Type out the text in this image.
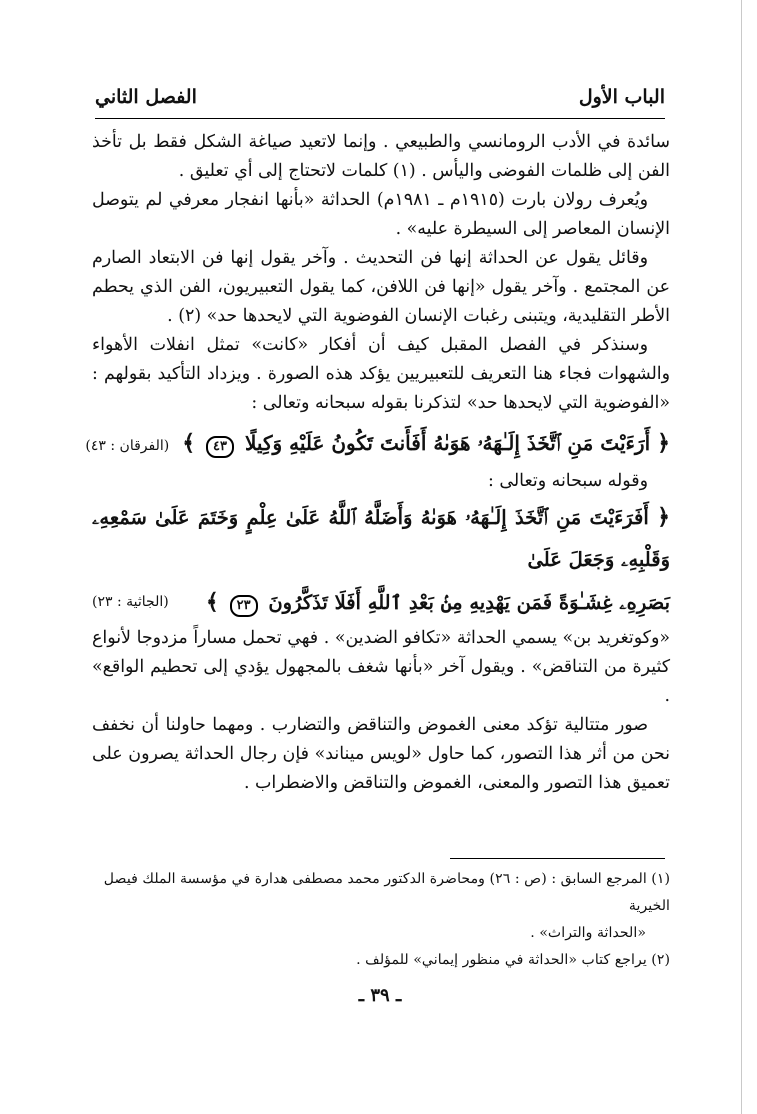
الباب الأول
الفصل الثاني

سائدة في الأدب الرومانسي والطبيعي . وإنما لاتعيد صياغة الشكل فقط بل تأخذ الفن إلى ظلمات الفوضى واليأس . (١) كلمات لاتحتاج إلى أي تعليق .

ويُعرف رولان بارت (١٩١٥م ـ ١٩٨١م) الحداثة «بأنها انفجار معرفي لم يتوصل الإنسان المعاصر إلى السيطرة عليه» .

وقائل يقول عن الحداثة إنها فن التحديث . وآخر يقول إنها فن الابتعاد الصارم عن المجتمع . وآخر يقول «إنها فن اللافن، كما يقول التعبيريون، الفن الذي يحطم الأطر التقليدية، ويتبنى رغبات الإنسان الفوضوية التي لايحدها حد» (٢) .

وسنذكر في الفصل المقبل كيف أن أفكار «كانت» تمثل انفلات الأهواء والشهوات فجاء هنا التعريف للتعبيريين يؤكد هذه الصورة . ويزداد التأكيد بقولهم : «الفوضوية التي لايحدها حد» لتذكرنا بقوله سبحانه وتعالى :

﴿ أَرَءَيْتَ مَنِ ٱتَّخَذَ إِلَـٰهَهُۥ هَوَىٰهُ أَفَأَنتَ تَكُونُ عَلَيْهِ وَكِيلًا ٤٣ ﴾ (الفرقان : ٤٣)

وقوله سبحانه وتعالى :

﴿ أَفَرَءَيْتَ مَنِ ٱتَّخَذَ إِلَـٰهَهُۥ هَوَىٰهُ وَأَضَلَّهُ ٱللَّهُ عَلَىٰ عِلْمٍ وَخَتَمَ عَلَىٰ سَمْعِهِۦ وَقَلْبِهِۦ وَجَعَلَ عَلَىٰ
بَصَرِهِۦ غِشَـٰوَةً فَمَن يَهْدِيهِ مِنۢ بَعْدِ ٱللَّهِ أَفَلَا تَذَكَّرُونَ ٢٣ ﴾
(الجاثية : ٢٣)

«وكوتغريد بن» يسمي الحداثة «تكافو الضدين» . فهي تحمل مساراً مزدوجا لأنواع كثيرة من التناقض» . ويقول آخر «بأنها شغف بالمجهول يؤدي إلى تحطيم الواقع» .

صور متتالية تؤكد معنى الغموض والتناقض والتضارب . ومهما حاولنا أن نخفف نحن من أثر هذا التصور، كما حاول «لويس ميناند» فإن رجال الحداثة يصرون على تعميق هذا التصور والمعنى، الغموض والتناقض والاضطراب .

(١) المرجع السابق : (ص : ٢٦) ومحاضرة الدكتور محمد مصطفى هدارة في مؤسسة الملك فيصل الخيرية

«الحداثة والتراث» .

(٢) يراجع كتاب «الحداثة في منظور إيماني» للمؤلف .

ـ ٣٩ ـ
